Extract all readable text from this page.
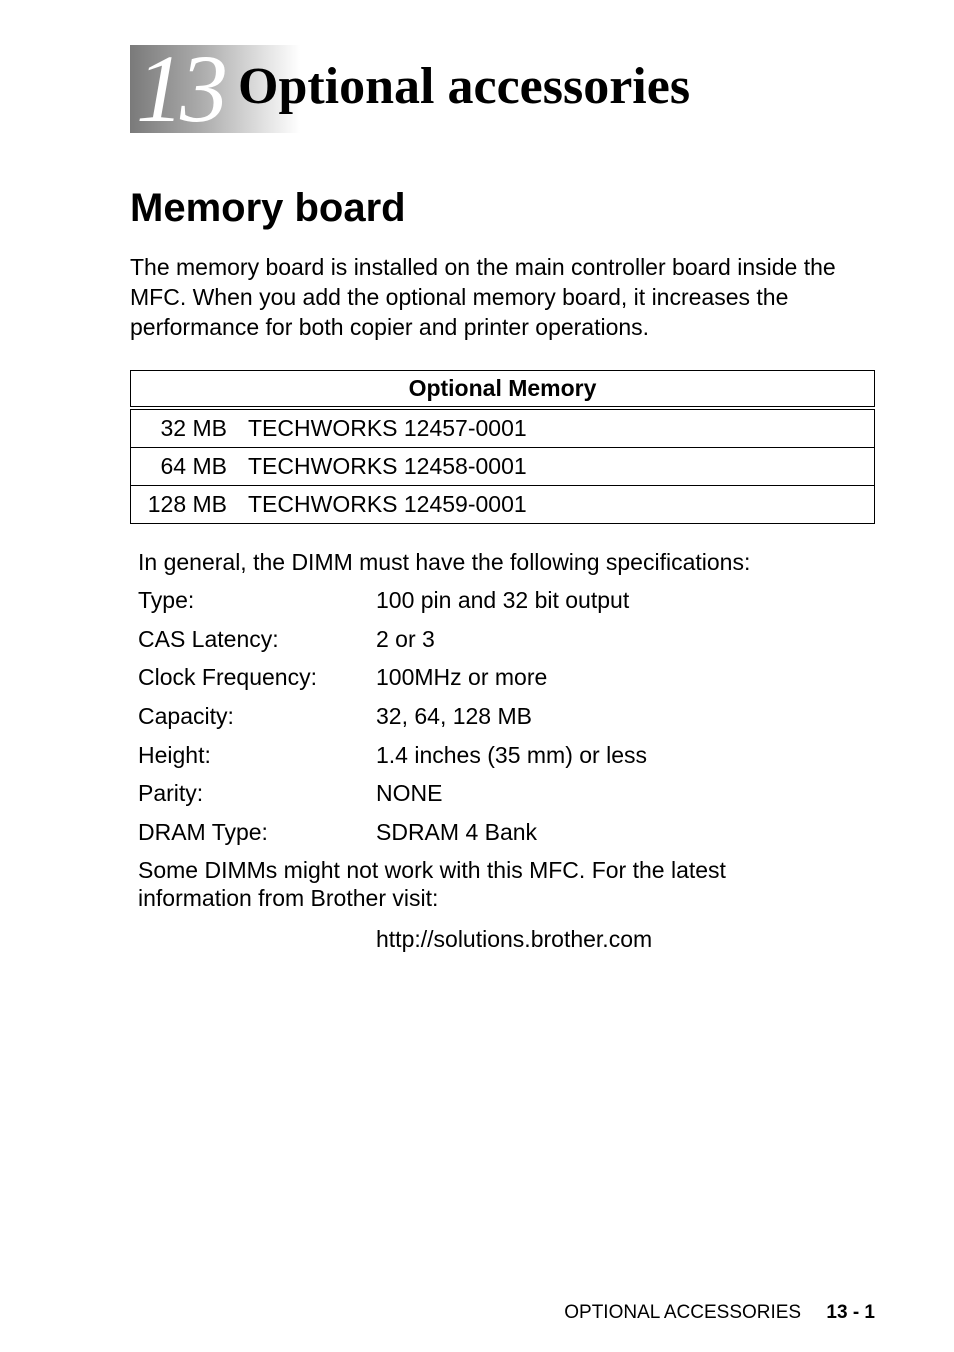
13 Optional accessories
Memory board

The memory board is installed on the main controller board inside the MFC. When you add the optional memory board, it increases the performance for both copier and printer operations.

Optional Memory	
32 MB	TECHWORKS 12457-0001
64 MB	TECHWORKS 12458-0001
128 MB	TECHWORKS 12459-0001
In general, the DIMM must have the following specifications:
Type:	100 pin and 32 bit output
CAS Latency:	2 or 3
Clock Frequency:	100MHz or more
Capacity:	32, 64, 128 MB
Height:	1.4 inches (35 mm) or less
Parity:	NONE
DRAM Type:	SDRAM 4 Bank

Some DIMMs might not work with this MFC. For the latest information from Brother visit:

http://solutions.brother.com
OPTIONAL ACCESSORIES 13 - 1
